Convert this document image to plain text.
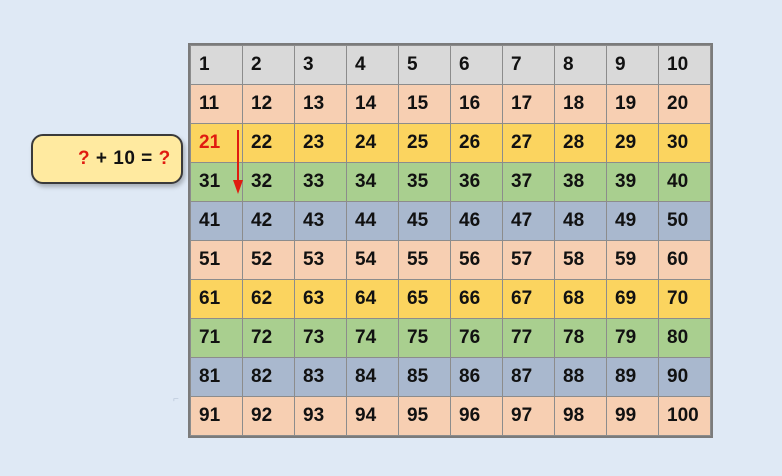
? + 10 = ?

1	2	3	4	5	6	7	8	9	10
11	12	13	14	15	16	17	18	19	20
21	22	23	24	25	26	27	28	29	30
31	32	33	34	35	36	37	38	39	40
41	42	43	44	45	46	47	48	49	50
51	52	53	54	55	56	57	58	59	60
61	62	63	64	65	66	67	68	69	70
71	72	73	74	75	76	77	78	79	80
81	82	83	84	85	86	87	88	89	90
91	92	93	94	95	96	97	98	99	100
⌐
